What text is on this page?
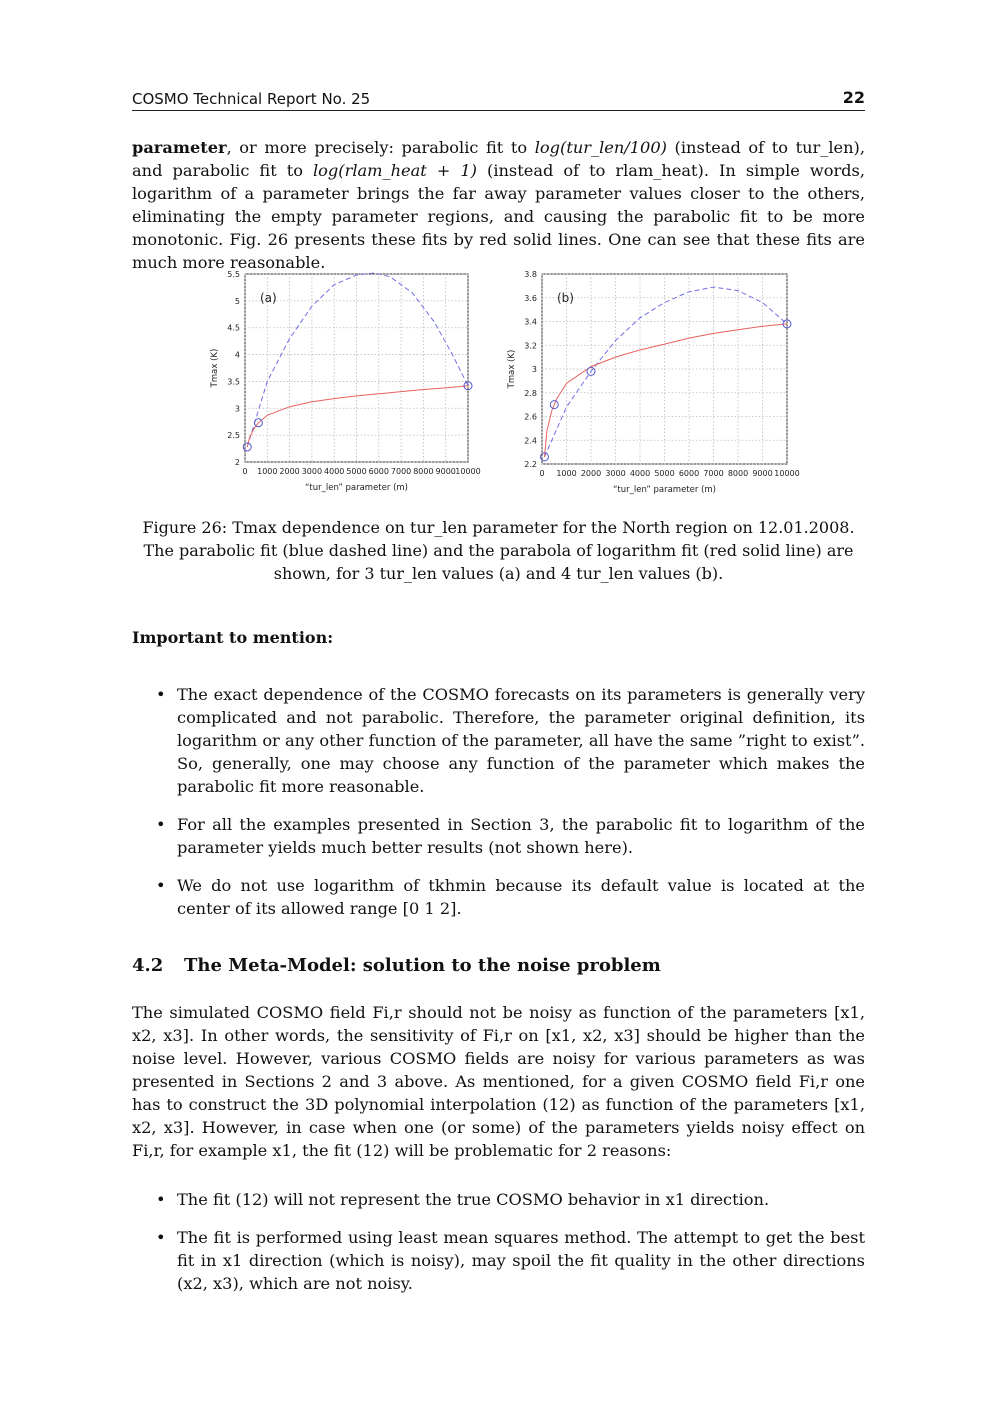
COSMO Technical Report No. 25	22
parameter, or more precisely: parabolic fit to log(tur_len/100) (instead of to tur_len), and parabolic fit to log(rlam_heat + 1) (instead of to rlam_heat). In simple words, logarithm of a parameter brings the far away parameter values closer to the others, eliminating the empty parameter regions, and causing the parabolic fit to be more monotonic. Fig. 26 presents these fits by red solid lines. One can see that these fits are much more reasonable.
0 1000 2000 3000 4000 5000 6000 7000 8000 9000 10000
2
2.5
3
3.5
4
4.5
5
5.5
(a)
“tur_len” parameter (m)
Tmax (K)
0 1000 2000 3000 4000 5000 6000 7000 8000 9000 10000
2.2
2.4
2.6
2.8
3
3.2
3.4
3.6
3.8
(b)
“tur_len” parameter (m)
Tmax (K)
Figure 26: Tmax dependence on tur_len parameter for the North region on 12.01.2008. The parabolic fit (blue dashed line) and the parabola of logarithm fit (red solid line) are shown, for 3 tur_len values (a) and 4 tur_len values (b).
Important to mention:
• The exact dependence of the COSMO forecasts on its parameters is generally very complicated and not parabolic. Therefore, the parameter original definition, its logarithm or any other function of the parameter, all have the same ”right to exist”. So, generally, one may choose any function of the parameter which makes the parabolic fit more reasonable.
• For all the examples presented in Section 3, the parabolic fit to logarithm of the parameter yields much better results (not shown here).
• We do not use logarithm of tkhmin because its default value is located at the center of its allowed range [0 1 2].
4.2 The Meta-Model: solution to the noise problem
The simulated COSMO field Fi,r should not be noisy as function of the parameters [x1, x2, x3]. In other words, the sensitivity of Fi,r on [x1, x2, x3] should be higher than the noise level. However, various COSMO fields are noisy for various parameters as was presented in Sections 2 and 3 above. As mentioned, for a given COSMO field Fi,r one has to construct the 3D polynomial interpolation (12) as function of the parameters [x1, x2, x3]. However, in case when one (or some) of the parameters yields noisy effect on Fi,r, for example x1, the fit (12) will be problematic for 2 reasons:
• The fit (12) will not represent the true COSMO behavior in x1 direction.
• The fit is performed using least mean squares method. The attempt to get the best fit in x1 direction (which is noisy), may spoil the fit quality in the other directions (x2, x3), which are not noisy.
